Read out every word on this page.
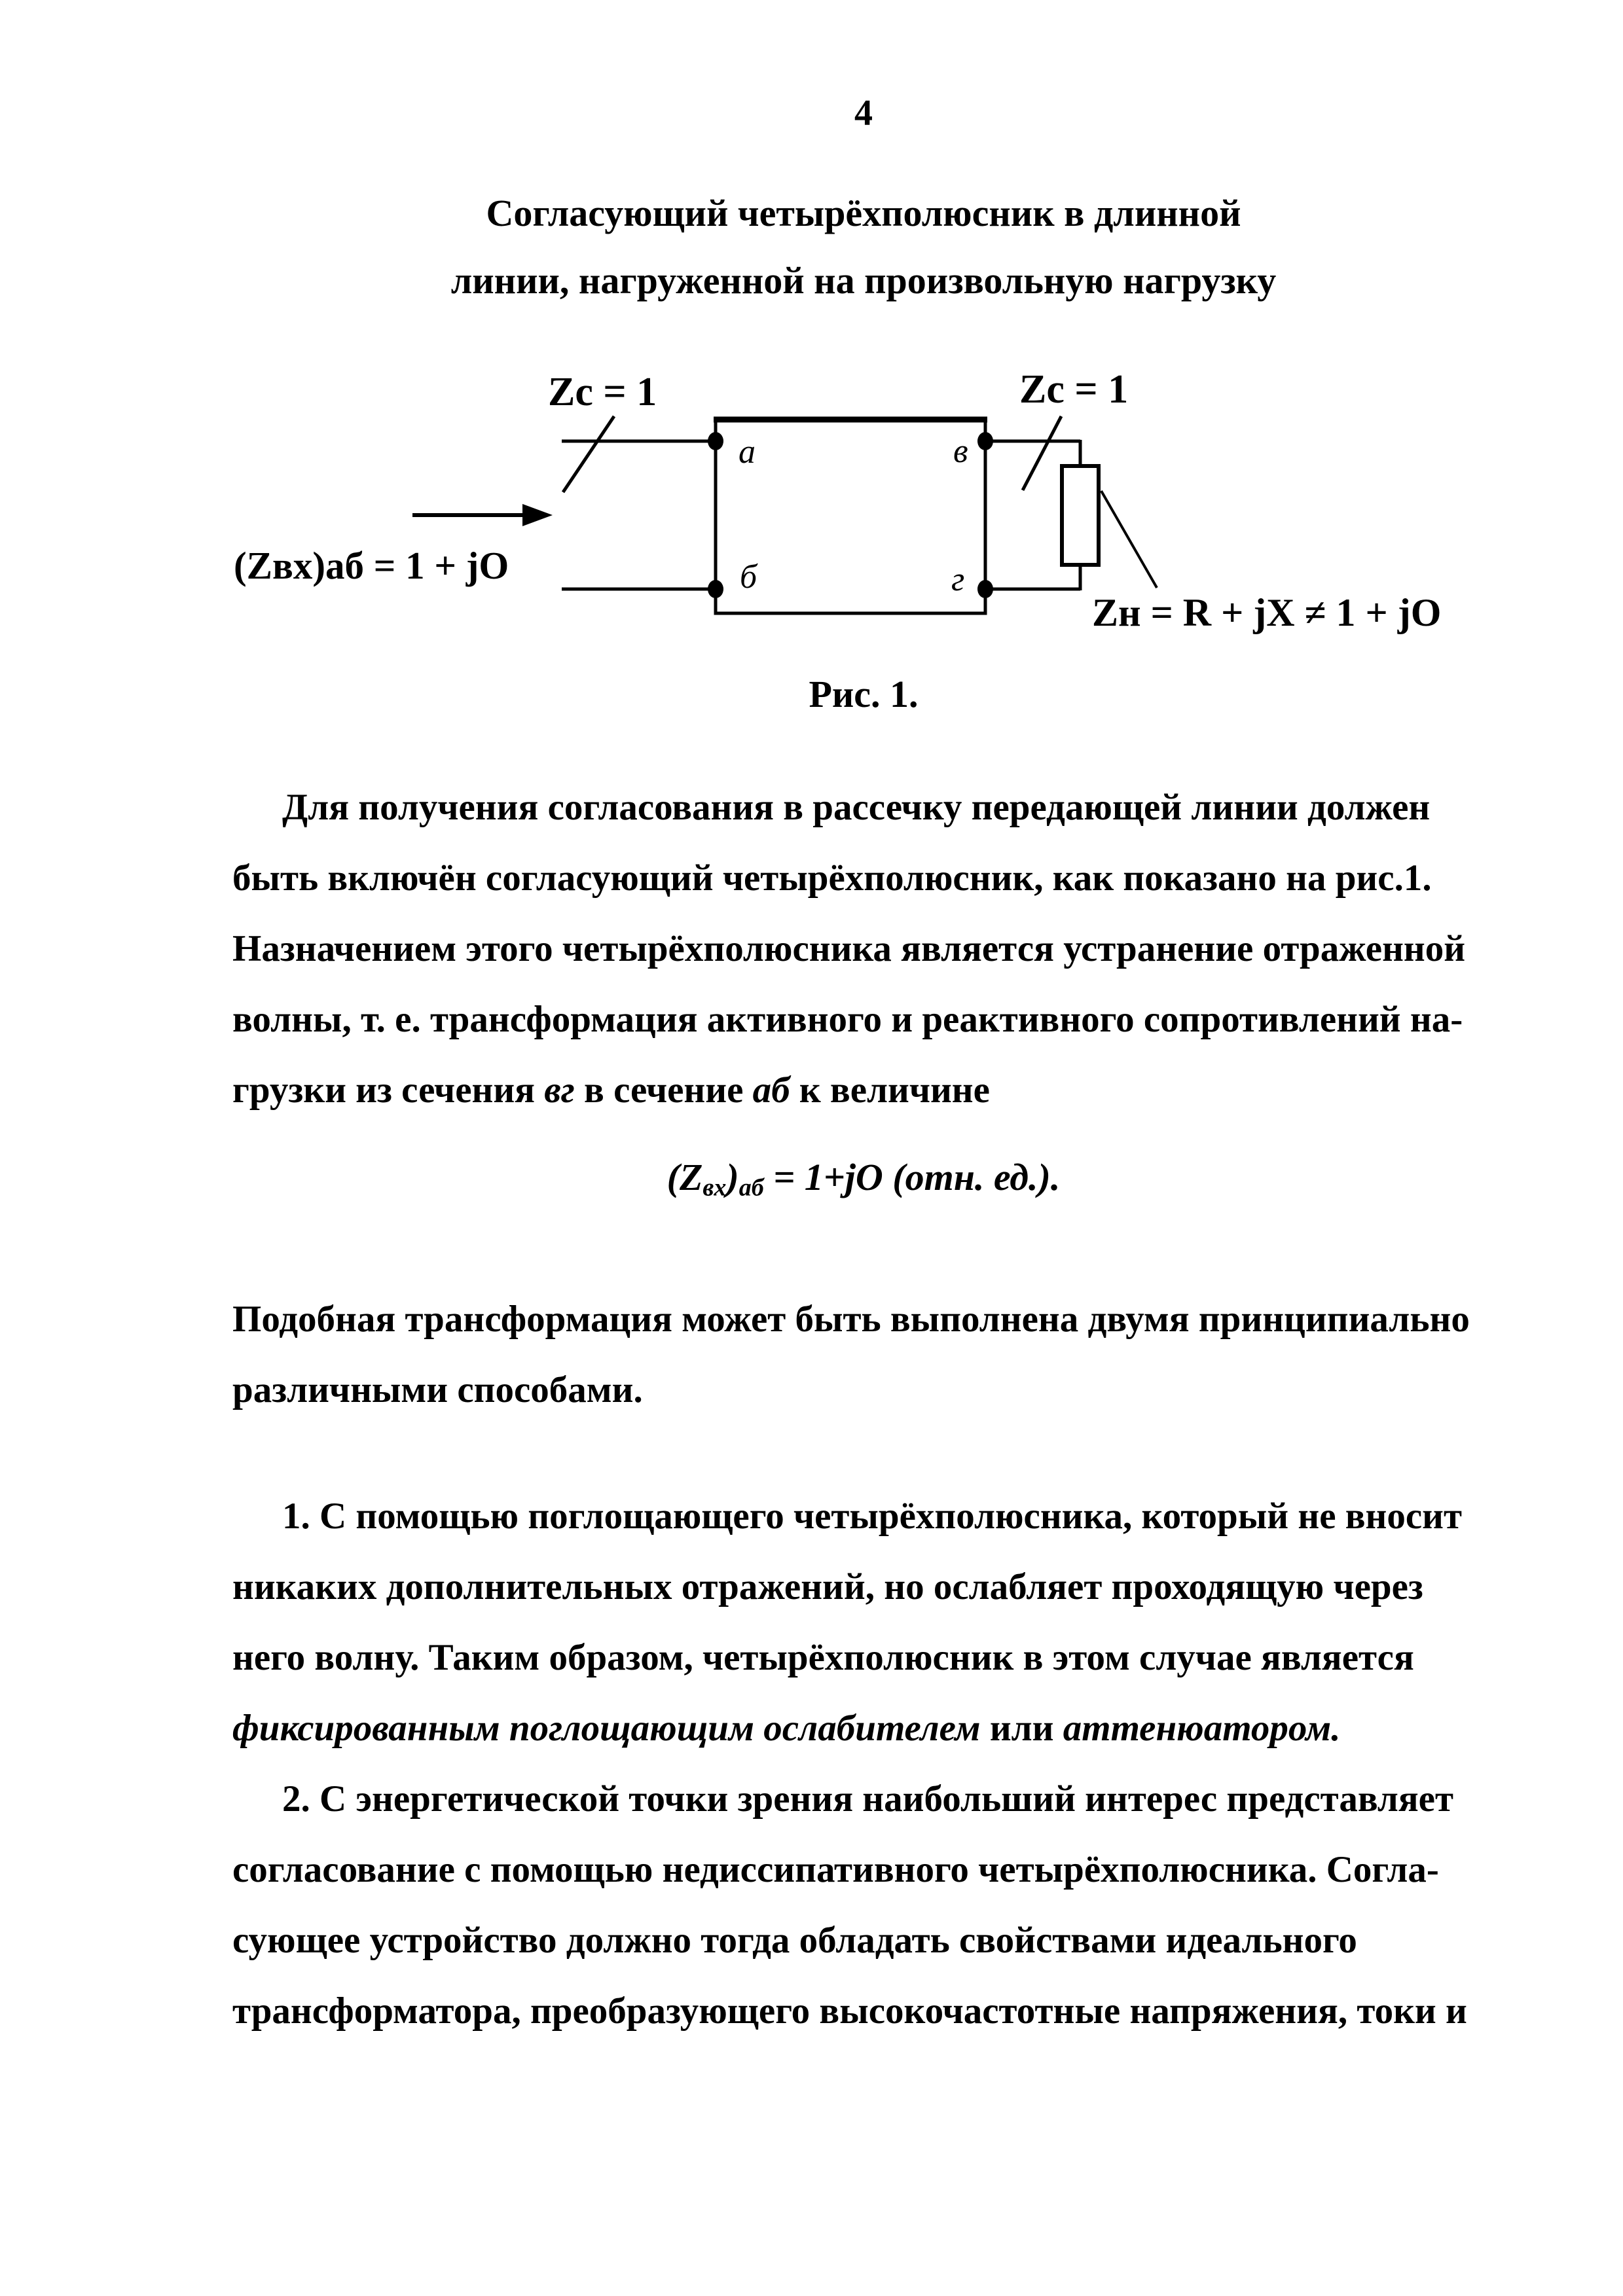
4
Согласующий четырёхполюсник в длинной
линии, нагруженной на произвольную нагрузку
Zc = 1	Zc = 1
(Zвх)аб = 1 + jO
Zн = R + jX ≠ 1 + jO
а	в
б	г
Рис. 1.
Для получения согласования в рассечку передающей линии должен
быть включён согласующий четырёхполюсник, как показано на рис.1.
Назначением этого четырёхполюсника является устранение отраженной
волны, т. е. трансформация активного и реактивного сопротивлений на-
грузки из сечения вг в сечение аб к величине
$(Z_{вх})_{аб} = 1+jO$ (отн. ед.).
Подобная трансформация может быть выполнена двумя принципиально
различными способами.
1. С помощью поглощающего четырёхполюсника, который не вносит
никаких дополнительных отражений, но ослабляет проходящую через
него волну. Таким образом, четырёхполюсник в этом случае является
фиксированным поглощающим ослабителем или аттенюатором.
2. С энергетической точки зрения наибольший интерес представляет
согласование с помощью недиссипативного четырёхполюсника. Согла-
сующее устройство должно тогда обладать свойствами идеального
трансформатора, преобразующего высокочастотные напряжения, токи и
